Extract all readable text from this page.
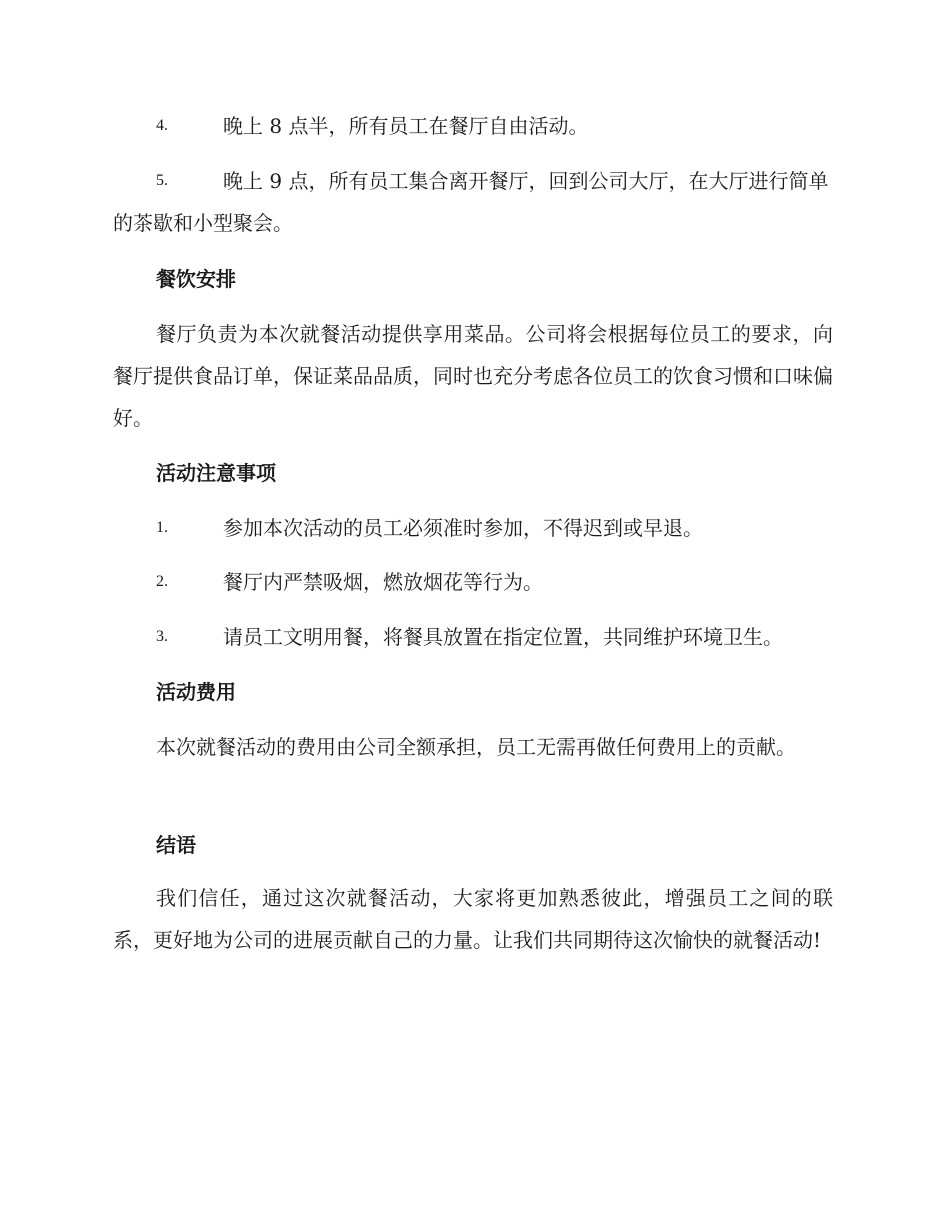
4.	晚上 8 点半，所有员工在餐厅自由活动。
5.	晚上 9 点，所有员工集合离开餐厅，回到公司大厅，在大厅进行简单的茶歇和小型聚会。
餐饮安排
餐厅负责为本次就餐活动提供享用菜品。公司将会根据每位员工的要求，向餐厅提供食品订单，保证菜品品质，同时也充分考虑各位员工的饮食习惯和口味偏好。
活动注意事项
1.	参加本次活动的员工必须准时参加，不得迟到或早退。
2.	餐厅内严禁吸烟，燃放烟花等行为。
3.	请员工文明用餐，将餐具放置在指定位置，共同维护环境卫生。
活动费用
本次就餐活动的费用由公司全额承担，员工无需再做任何费用上的贡献。
结语
我们信任，通过这次就餐活动，大家将更加熟悉彼此，增强员工之间的联系，更好地为公司的进展贡献自己的力量。让我们共同期待这次愉快的就餐活动!
